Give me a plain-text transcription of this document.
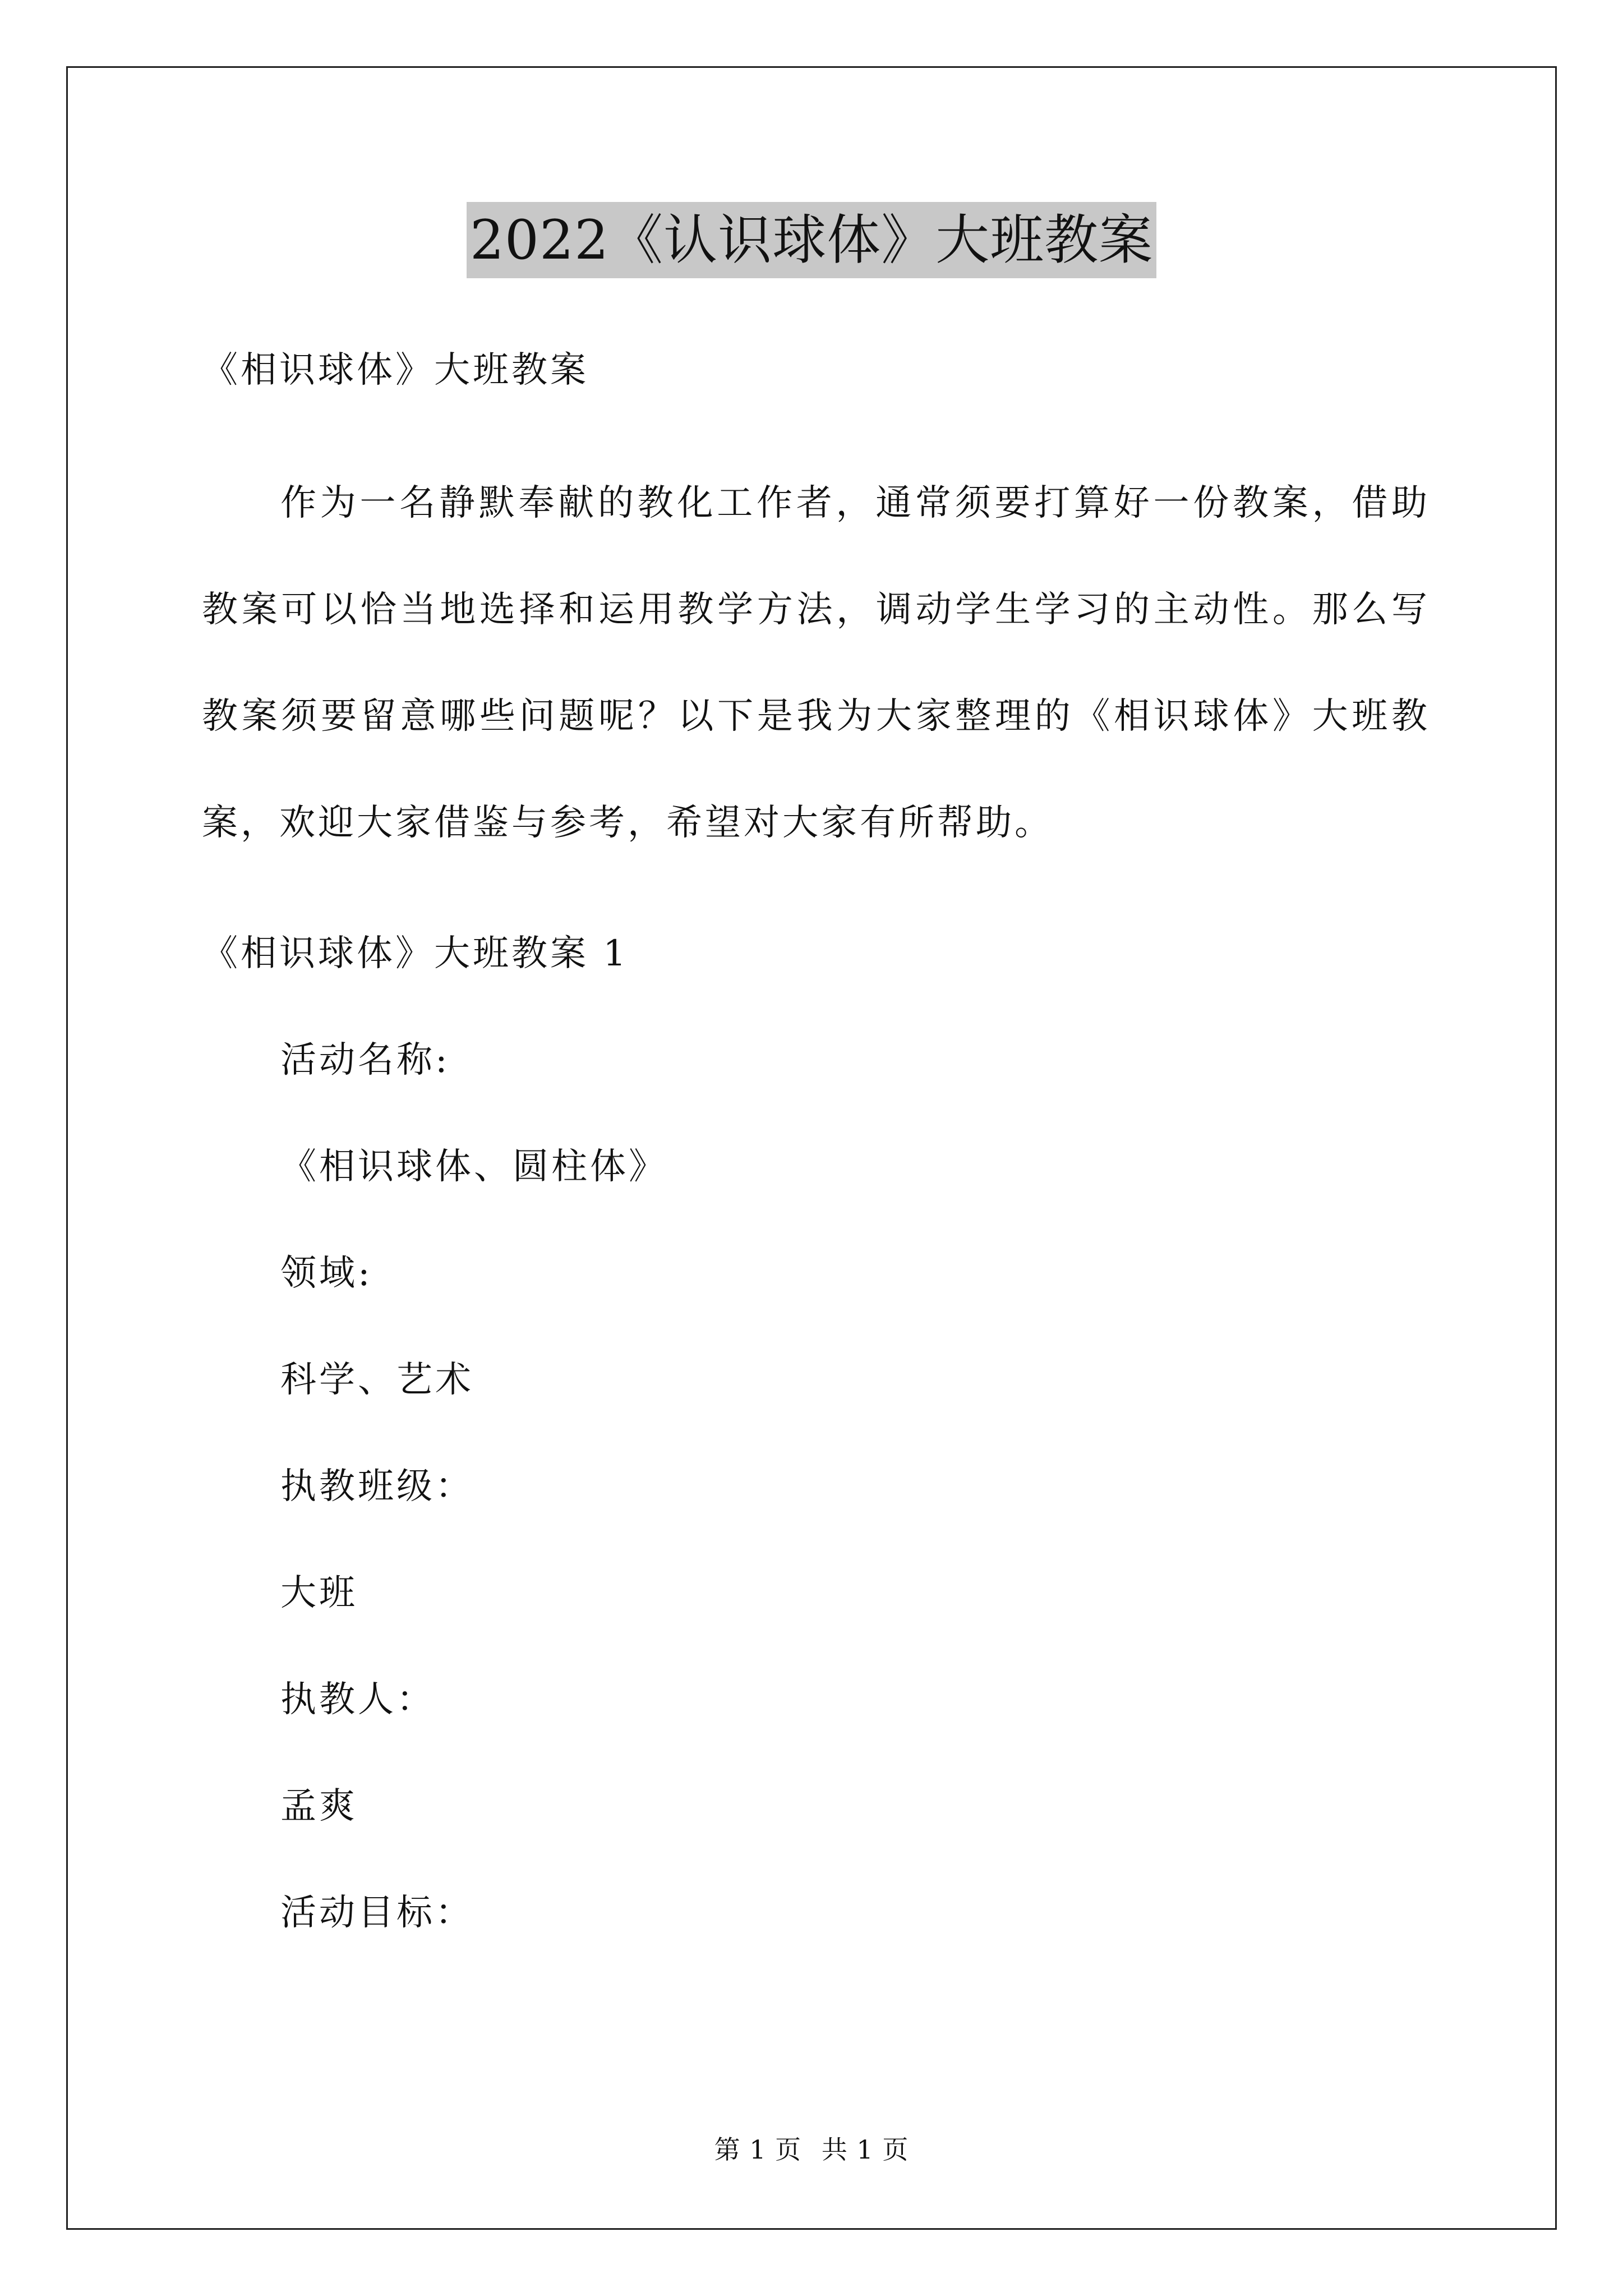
2022《认识球体》大班教案
《相识球体》大班教案

作为一名静默奉献的教化工作者，通常须要打算好一份教案，借助教案可以恰当地选择和运用教学方法，调动学生学习的主动性。那么写教案须要留意哪些问题呢？以下是我为大家整理的《相识球体》大班教案，欢迎大家借鉴与参考，希望对大家有所帮助。

《相识球体》大班教案 1
活动名称:
《相识球体、圆柱体》
领域:
科学、艺术
执教班级：
大班
执教人：
孟爽
活动目标：
第 1 页 共 1 页
